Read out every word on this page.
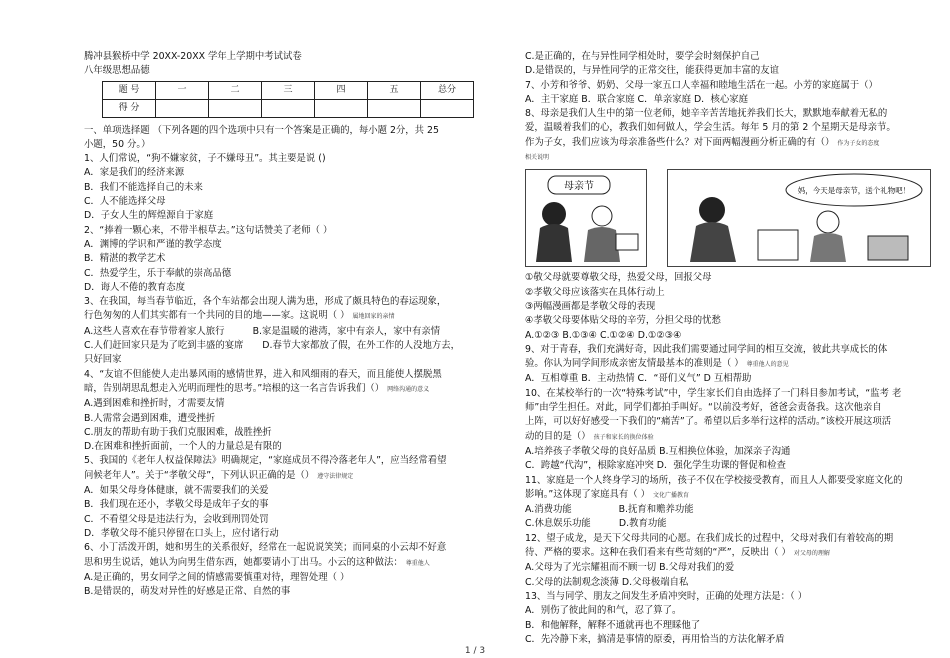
腾冲县猴桥中学 20XX-20XX 学年上学期中考试试卷
八年级思想品德
题 号	一	二	三	四	五	总分
得 分						
一、单项选择题 （下列各题的四个选项中只有一个答案是正确的，每小题 2分，共 25
小题，50 分。）
1、人们常说，“狗不嫌家贫，子不嫌母丑”。其主要是说 ()
A．家是我们的经济来源
B．我们不能选择自己的未来
C．人不能选择父母
D．子女人生的辉煌源自于家庭
2、“捧着一颗心来，不带半根草去。”这句话赞美了老师（ ）
A．渊博的学识和严谨的教学态度
B．精湛的教学艺术
C．热爱学生，乐于奉献的崇高品德
D．诲人不倦的教育态度
3、在我国，每当春节临近，各个车站都会出现人满为患，形成了颇具特色的春运现象，
行色匆匆的人们其实都有一个共同的目的地——家。这说明（ ） 属地回家的亲情
A.这些人喜欢在春节带着家人旅行　　　B.家是温暖的港湾，家中有亲人，家中有亲情
C.人们赶回家只是为了吃到丰盛的宴席　　D.春节大家都放了假，在外工作的人没地方去，
只好回家
4、“友谊不但能使人走出暴风雨的感情世界，进入和风细雨的春天，而且能使人摆脱黑
暗，告别胡思乱想走入光明而理性的思考。”培根的这一名言告诉我们（） 网络沟通的意义
A.遇到困难和挫折时，才需要友情
B.人需常会遇到困难，遭受挫折
C.朋友的帮助有助于我们克服困难，战胜挫折
D.在困难和挫折面前，一个人的力量总是有限的
5、我国的《老年人权益保障法》明确规定，“家庭成员不得冷落老年人”，应当经常看望
问候老年人”。关于“孝敬父母”，下列认识正确的是（） 遵守法律规定
A．如果父母身体健康，就不需要我们的关爱
B．我们现在还小，孝敬父母是成年子女的事
C．不看望父母是违法行为，会收到刑罚处罚
D．孝敬父母不能只停留在口头上，应付诸行动
6、小丁活泼开朗，她和男生的关系很好，经常在一起说说笑笑；而同桌的小云却不好意
思和男生说话，她认为向男生借东西，她都要请小丁出马。小云的这种做法： 尊重他人
A.是正确的，男女同学之间的情感需要慎重对待，理智处理（ ）
B.是错误的，萌发对异性的好感是正常、自然的事
C.是正确的，在与异性同学相处时，要学会时刻保护自己
D.是错误的，与异性同学的正常交往，能获得更加丰富的友谊
7、小芳和爷爷、奶奶、父母一家五口人幸福和睦地生活在一起。小芳的家庭属于（）
A．主干家庭 B．联合家庭 C．单亲家庭 D．核心家庭
8、母亲是我们人生中的第一位老师，她辛辛苦苦地抚养我们长大，默默地奉献着无私的
爱，温暖着我们的心，教我们如何做人，学会生活。每年 5 月的第 2 个星期天是母亲节。
作为子女，我们应该为母亲准备些什么？对下面两幅漫画分析正确的有（） 作为子女的态度
相关说明
母亲节	妈，今天是母亲节，送个礼物吧！
①敬父母就要尊敬父母，热爱父母，回报父母
②孝敬父母应该落实在具体行动上
③两幅漫画都是孝敬父母的表现
④孝敬父母要体贴父母的辛劳，分担父母的忧愁
A.①②③ B.①③④ C.①②④ D.①②③④
9、对于青春，我们充满好奇，因此我们需要通过同学间的相互交流，彼此共享成长的体
验。你认为同学间形成亲密友情最基本的准则是（ ） 尊重他人的意见
A．互相尊重 B．主动热情 C．“哥们义气” D 互相帮助
10、在某校举行的一次“特殊考试”中，学生家长们自由选择了一门科目参加考试，“监考 老
师”由学生担任。对此，同学们都拍手叫好。“以前没考好，爸爸会责备我。这次他亲自
上阵，可以好好感受一下我们的“痛苦”了。希望以后多举行这样的活动。”该校开展这项活
动的目的是（） 孩子和家长的换位体验
A.培养孩子孝敬父母的良好品质 B.互相换位体验，加深亲子沟通
C．跨越“代沟”，根除家庭冲突 D．强化学生功课的督促和检查
11、家庭是一个人终身学习的场所，孩子不仅在学校接受教育，而且人人都要受家庭文化的
影响。”这体现了家庭具有（ ） 文化广播教育
A.消费功能　　　　　B.抚育和赡养功能
C.休息娱乐功能　　　D.教育功能
12、望子成龙，是天下父母共同的心愿。在我们成长的过程中，父母对我们有着较高的期
待、严格的要求。这种在我们看来有些苛刻的“严”，反映出（ ） 对父母的理解
A.父母为了光宗耀祖而不顾一切 B.父母对我们的爱
C.父母的法制观念淡薄 D.父母极端自私
13、当与同学、朋友之间发生矛盾冲突时，正确的处理方法是：（ ）
A．别伤了彼此间的和气，忍了算了。
B．和他解释，解释不通就再也不理睬他了
C．先冷静下来，搞清是事情的原委，再用恰当的方法化解矛盾
1 / 3
